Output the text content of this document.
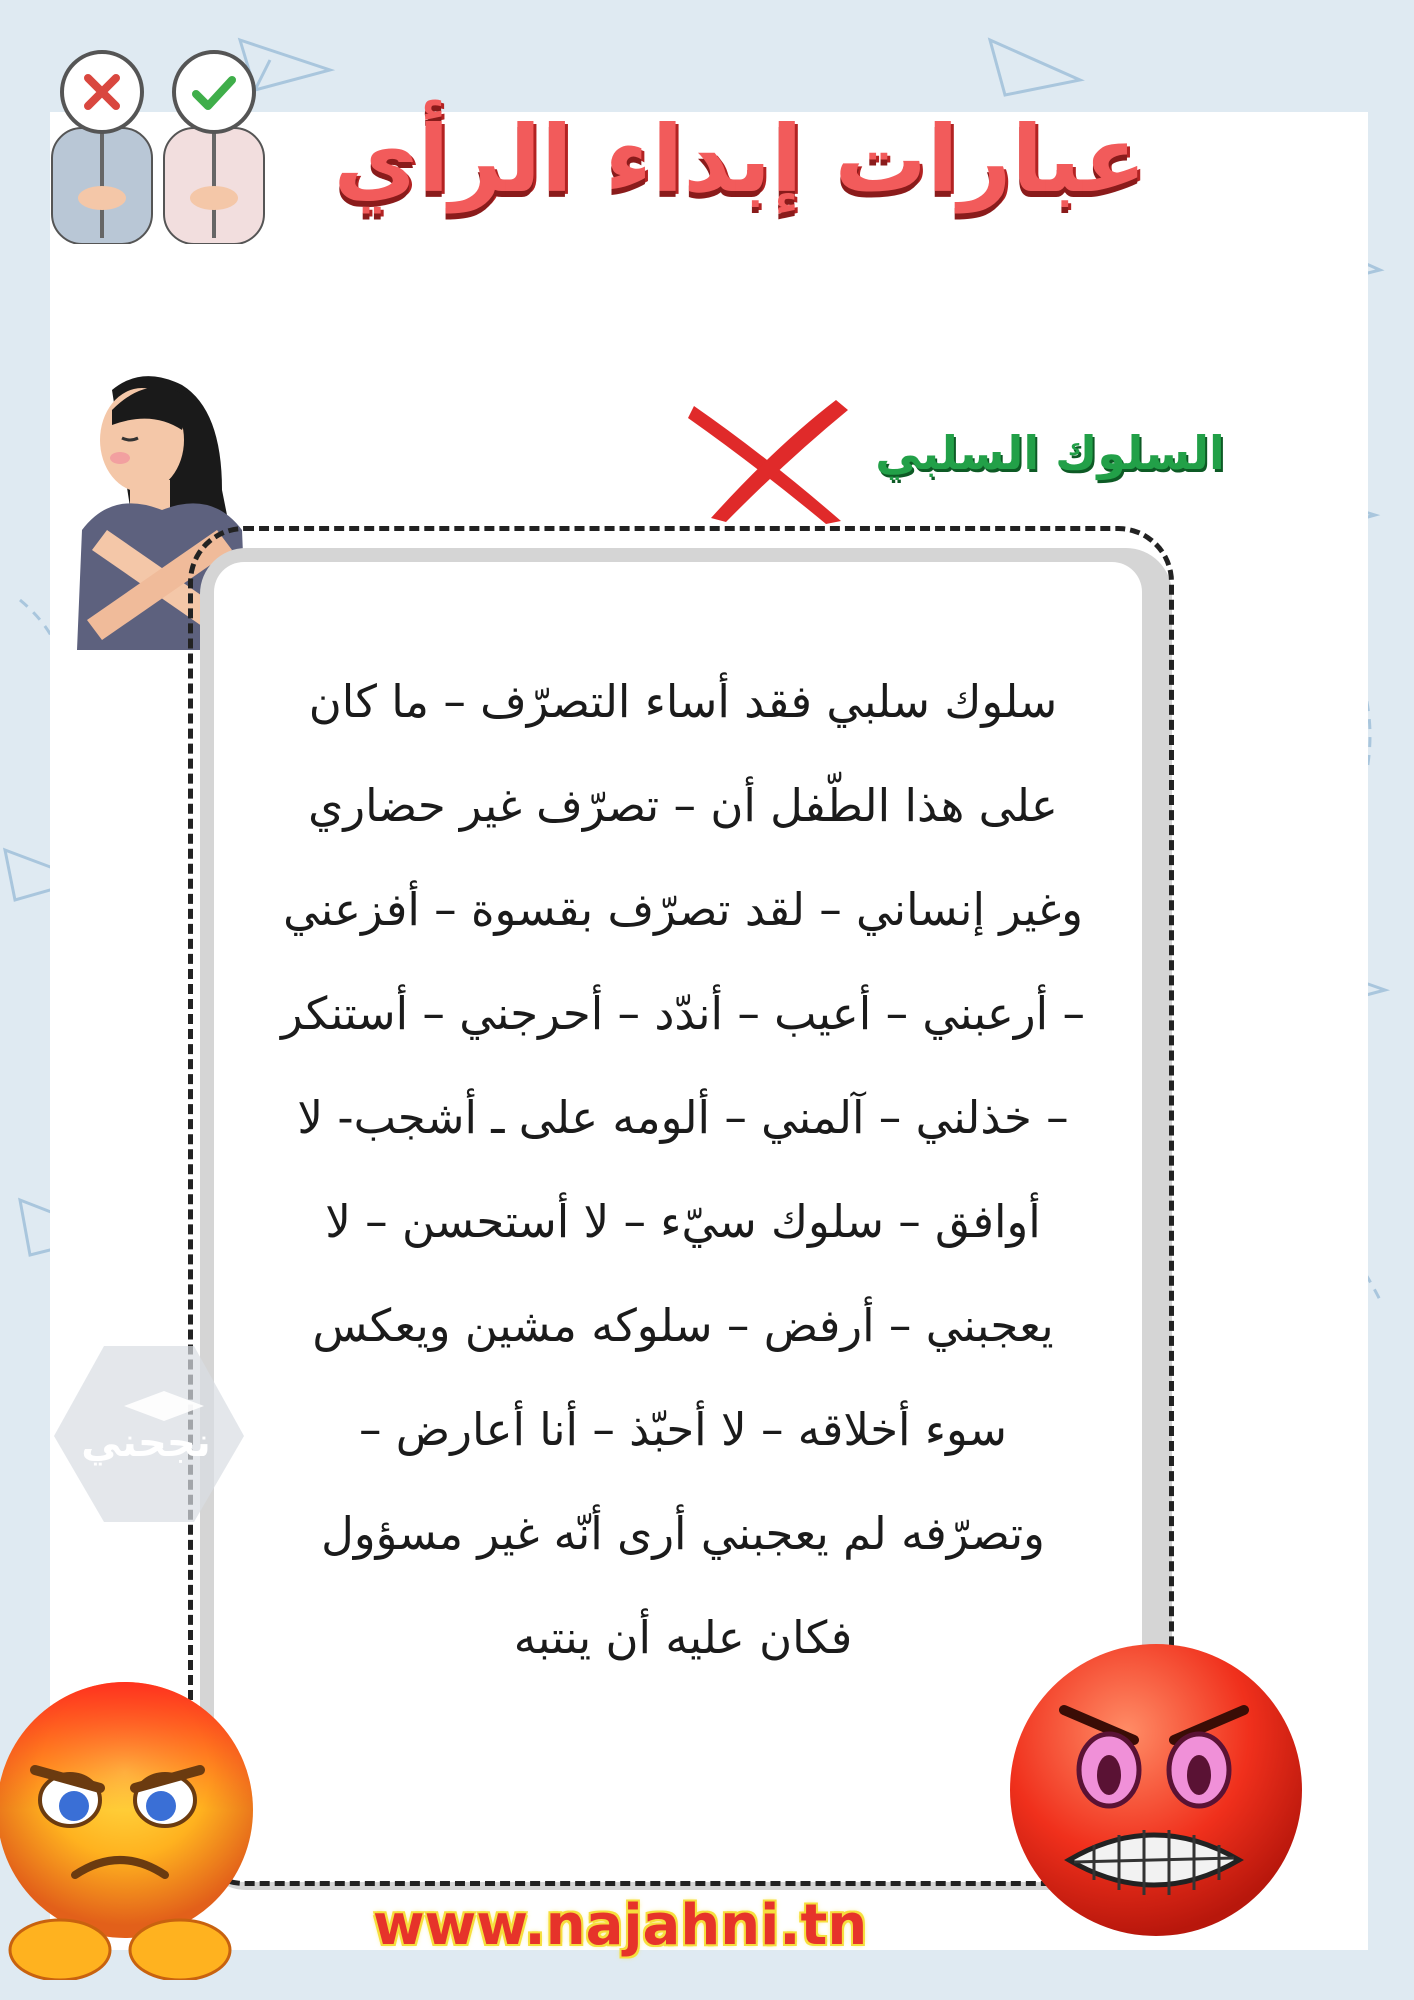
عبارات إبداء الرأي
السلوك السلبي
سلوك سلبي فقد أساء التصرّف – ما كان
على هذا الطّفل أن – تصرّف غير حضاري
وغير إنساني – لقد تصرّف بقسوة – أفزعني
– أرعبني – أعيب – أندّد – أحرجني – أستنكر
– خذلني – آلمني – ألومه على ـ أشجب- لا
أوافق – سلوك سيّء – لا أستحسن – لا
يعجبني – أرفض – سلوكه مشين ويعكس
سوء أخلاقه – لا أحبّذ – أنا أعارض –
وتصرّفه لم يعجبني أرى أنّه غير مسؤول
فكان عليه أن ينتبه
نجحني
www.najahni.tn
